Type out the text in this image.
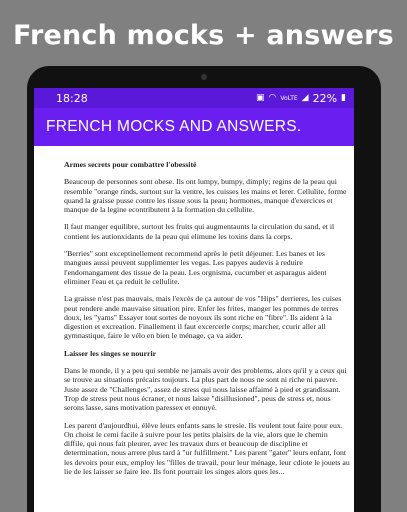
French mocks + answers
18:28	▣ ◠ VoLTE ◢ 22% ▮
FRENCH MOCKS AND ANSWERS.
Armes secrets pour combattre l'obessité
Beaucoup de personnes sont obese. Ils ont lumpy, bumpy, dimply; regins de la peau qui resemble "orange rinds, surtout sur la ventre, les cuisses les mains et lerer. Cellulite, forme quand la graisse pusse contre les tissue sous la peau; hormones, manque d'exercices et manque de la legine econtributent à la formation du cellulite.
Il faut manger equilibre, surtout les fruits qui augmentaunts la circulation du sand, et il contient les autionxidants de la peau qui elimune les toxins dans la corps.
"Berries" sont exceptinellement recommend après le petit déjeuner. Les banes et les mangues aussi peuvent supplimenter les vegas. Les papyes audevis à reduire l'endomangament des tissue de la peau. Les orgnisma, cucumber et asparagus aident eliminer l'eau et ça reduit le cellulite.
La graisse n'est pas mauvais, mais l'excès de ça autour de vos "Hips" derrieres, les cuises peut rendere ande mauvaise situation pire. Enfer les frites, manger les pommes de terres doux, les "yams" Essayer tout sortes de noyoux ils sont riche en "fibre". Ils aident à la digestion et excreation. Finallement il faut excercerle corps; marcher, ccurir aller all gymnastique, faire le vélo en bien le ménage, ça va aider.
Laisser les singes se nourrir
Dans le monde, il y a peu qui semble ne jamais avoir des problems, alors qu'il y a ceux qui se trouve au situations précairs toujours. La plus part de nous ne sont ni riche ni pauvre. Juste assez de "Challenges", assez de stress qui nous laisse affaimé à pied et grandissant. Trop de stress peut nous écraner, et nous laisse "disillusioned", peus de stress et, nous serons lasse, sans motivation paressex et ennuyé.
Les parent d'aujourdhui, élève leurs enfants sans le stresie. Ils veulent tout faire pour eux. On choist le cemi facile à suivre pour les petits plaisirs de la vie, alors que le chemin diffile, qui nous fait pleurer, avec les travaux durs et beaucoup de discipline et determination, nous arrere plus tard à "ur fulfillment." Les parent "gater" leurs enfant, font les devoirs pour eux, employ les "filles de travail, pour leur ménage, leur cdiote le jouets au lie de les laisser se faire lee. Ils font pourrair les singes alors ques les...
